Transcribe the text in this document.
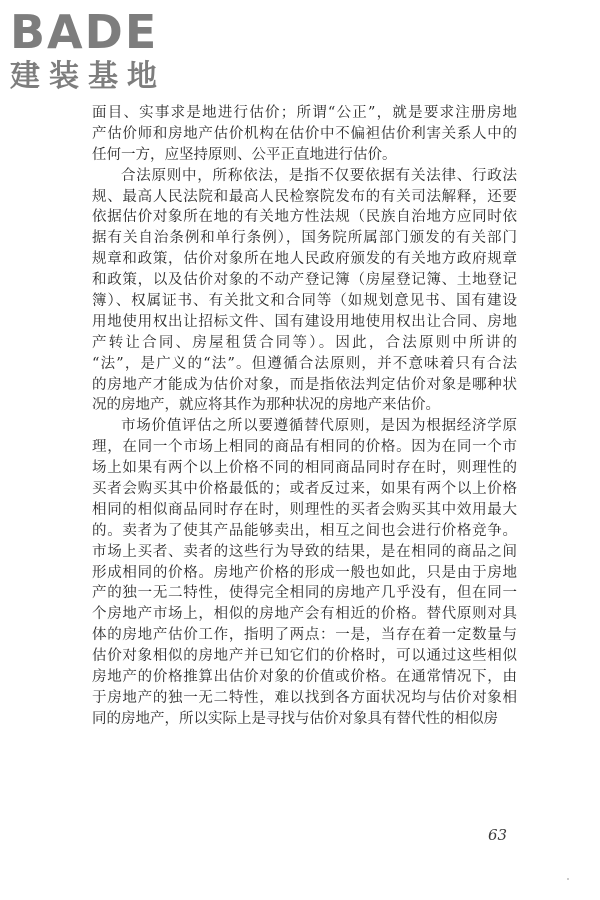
BADE
建装基地
面目、实事求是地进行估价；所谓“公正”，就是要求注册房地
产估价师和房地产估价机构在估价中不偏袒估价利害关系人中的
任何一方，应坚持原则、公平正直地进行估价。
合法原则中，所称依法，是指不仅要依据有关法律、行政法
规、最高人民法院和最高人民检察院发布的有关司法解释，还要
依据估价对象所在地的有关地方性法规（民族自治地方应同时依
据有关自治条例和单行条例），国务院所属部门颁发的有关部门
规章和政策，估价对象所在地人民政府颁发的有关地方政府规章
和政策，以及估价对象的不动产登记簿（房屋登记簿、土地登记
簿）、权属证书、有关批文和合同等（如规划意见书、国有建设
用地使用权出让招标文件、国有建设用地使用权出让合同、房地
产转让合同、房屋租赁合同等）。因此，合法原则中所讲的
“法”，是广义的“法”。但遵循合法原则，并不意味着只有合法
的房地产才能成为估价对象，而是指依法判定估价对象是哪种状
况的房地产，就应将其作为那种状况的房地产来估价。
市场价值评估之所以要遵循替代原则，是因为根据经济学原
理，在同一个市场上相同的商品有相同的价格。因为在同一个市
场上如果有两个以上价格不同的相同商品同时存在时，则理性的
买者会购买其中价格最低的；或者反过来，如果有两个以上价格
相同的相似商品同时存在时，则理性的买者会购买其中效用最大
的。卖者为了使其产品能够卖出，相互之间也会进行价格竞争。
市场上买者、卖者的这些行为导致的结果，是在相同的商品之间
形成相同的价格。房地产价格的形成一般也如此，只是由于房地
产的独一无二特性，使得完全相同的房地产几乎没有，但在同一
个房地产市场上，相似的房地产会有相近的价格。替代原则对具
体的房地产估价工作，指明了两点：一是，当存在着一定数量与
估价对象相似的房地产并已知它们的价格时，可以通过这些相似
房地产的价格推算出估价对象的价值或价格。在通常情况下，由
于房地产的独一无二特性，难以找到各方面状况均与估价对象相
同的房地产，所以实际上是寻找与估价对象具有替代性的相似房
63
